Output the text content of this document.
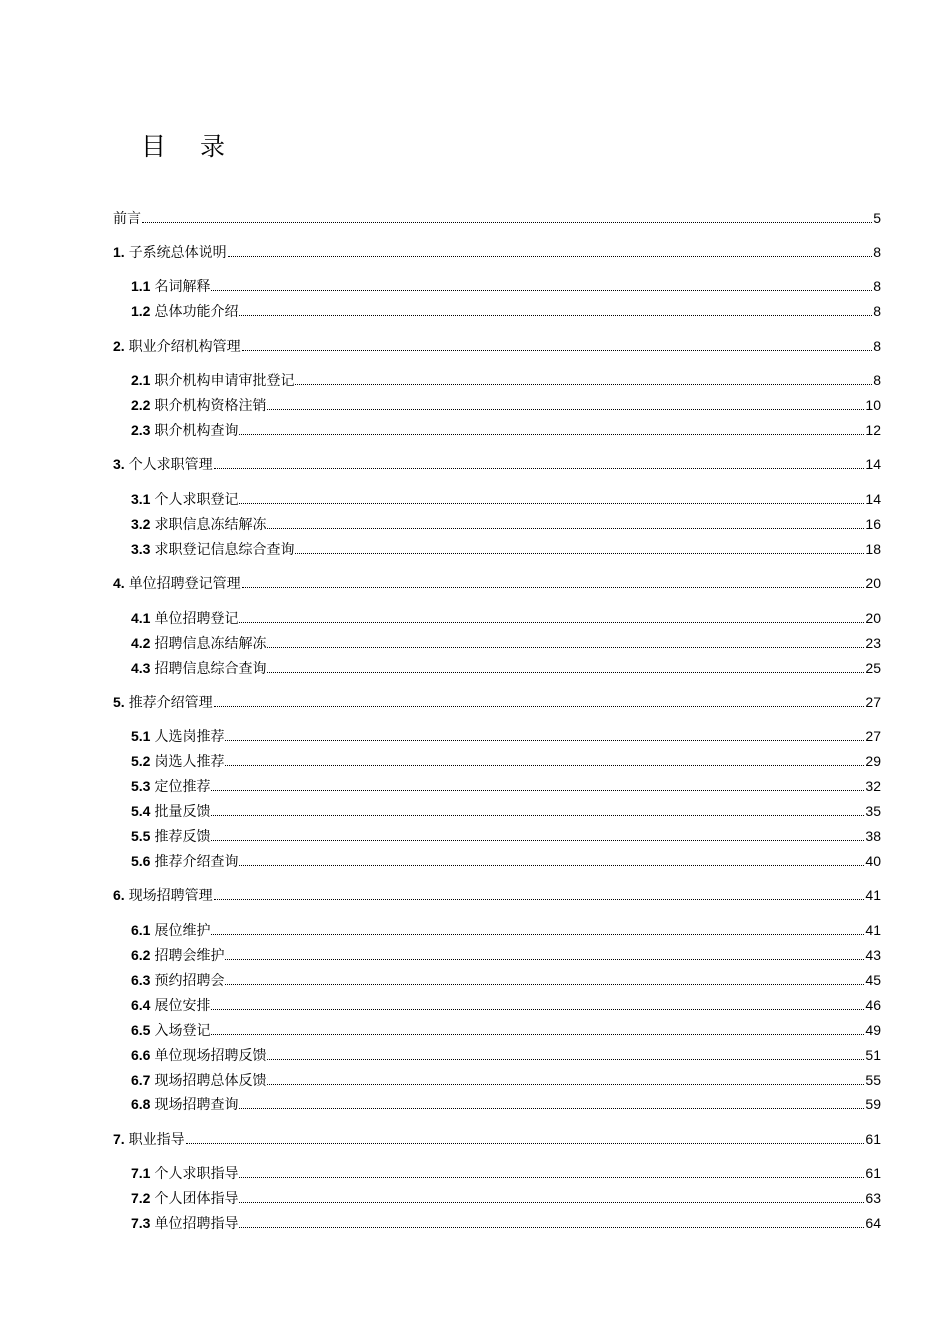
目 录
前言	5
1. 子系统总体说明	8
1.1 名词解释	8
1.2 总体功能介绍	8
2. 职业介绍机构管理	8
2.1 职介机构申请审批登记	8
2.2 职介机构资格注销	10
2.3 职介机构查询	12
3. 个人求职管理	14
3.1 个人求职登记	14
3.2 求职信息冻结解冻	16
3.3 求职登记信息综合查询	18
4. 单位招聘登记管理	20
4.1 单位招聘登记	20
4.2 招聘信息冻结解冻	23
4.3 招聘信息综合查询	25
5. 推荐介绍管理	27
5.1 人选岗推荐	27
5.2 岗选人推荐	29
5.3 定位推荐	32
5.4 批量反馈	35
5.5 推荐反馈	38
5.6 推荐介绍查询	40
6. 现场招聘管理	41
6.1 展位维护	41
6.2 招聘会维护	43
6.3 预约招聘会	45
6.4 展位安排	46
6.5 入场登记	49
6.6 单位现场招聘反馈	51
6.7 现场招聘总体反馈	55
6.8 现场招聘查询	59
7. 职业指导	61
7.1 个人求职指导	61
7.2 个人团体指导	63
7.3 单位招聘指导	64
